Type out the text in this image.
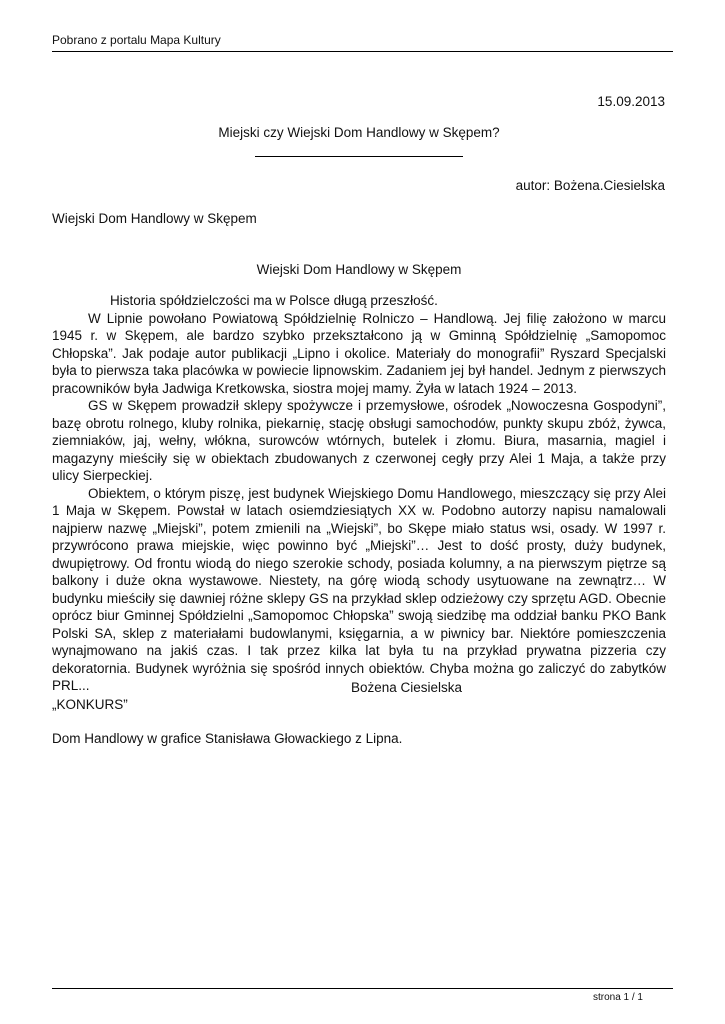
Pobrano z portalu Mapa Kultury
15.09.2013
Miejski czy Wiejski Dom Handlowy w Skępem?
autor: Bożena.Ciesielska
Wiejski Dom Handlowy w Skępem
Wiejski Dom Handlowy w Skępem

Historia spółdzielczości ma w Polsce długą przeszłość.

W Lipnie powołano Powiatową Spółdzielnię Rolniczo – Handlową. Jej filię założono w marcu 1945 r. w Skępem, ale bardzo szybko przekształcono ją w Gminną Spółdzielnię „Samopomoc Chłopska”. Jak podaje autor publikacji „Lipno i okolice. Materiały do monografii” Ryszard Specjalski była to pierwsza taka placówka w powiecie lipnowskim. Zadaniem jej był handel. Jednym z pierwszych pracowników była Jadwiga Kretkowska, siostra mojej mamy. Żyła w latach 1924 – 2013.

GS w Skępem prowadził sklepy spożywcze i przemysłowe, ośrodek „Nowoczesna Gospodyni”, bazę obrotu rolnego, kluby rolnika, piekarnię, stację obsługi samochodów, punkty skupu zbóż, żywca, ziemniaków, jaj, wełny, włókna, surowców wtórnych, butelek i złomu. Biura, masarnia, magiel i magazyny mieściły się w obiektach zbudowanych z czerwonej cegły przy Alei 1 Maja, a także przy ulicy Sierpeckiej.

Obiektem, o którym piszę, jest budynek Wiejskiego Domu Handlowego, mieszczący się przy Alei 1 Maja w Skępem. Powstał w latach osiemdziesiątych XX w. Podobno autorzy napisu namalowali najpierw nazwę „Miejski”, potem zmienili na „Wiejski”, bo Skępe miało status wsi, osady. W 1997 r. przywrócono prawa miejskie, więc powinno być „Miejski”… Jest to dość prosty, duży budynek, dwupiętrowy. Od frontu wiodą do niego szerokie schody, posiada kolumny, a na pierwszym piętrze są balkony i duże okna wystawowe. Niestety, na górę wiodą schody usytuowane na zewnątrz… W budynku mieściły się dawniej różne sklepy GS na przykład sklep odzieżowy czy sprzętu AGD. Obecnie oprócz biur Gminnej Spółdzielni „Samopomoc Chłopska” swoją siedzibę ma oddział banku PKO Bank Polski SA, sklep z materiałami budowlanymi, księgarnia, a w piwnicy bar. Niektóre pomieszczenia wynajmowano na jakiś czas. I tak przez kilka lat była tu na przykład prywatna pizzeria czy dekoratornia. Budynek wyróżnia się spośród innych obiektów. Chyba można go zaliczyć do zabytków PRL...	Bożena Ciesielska
„KONKURS”
Dom Handlowy w grafice Stanisława Głowackiego z Lipna.
strona 1 / 1
